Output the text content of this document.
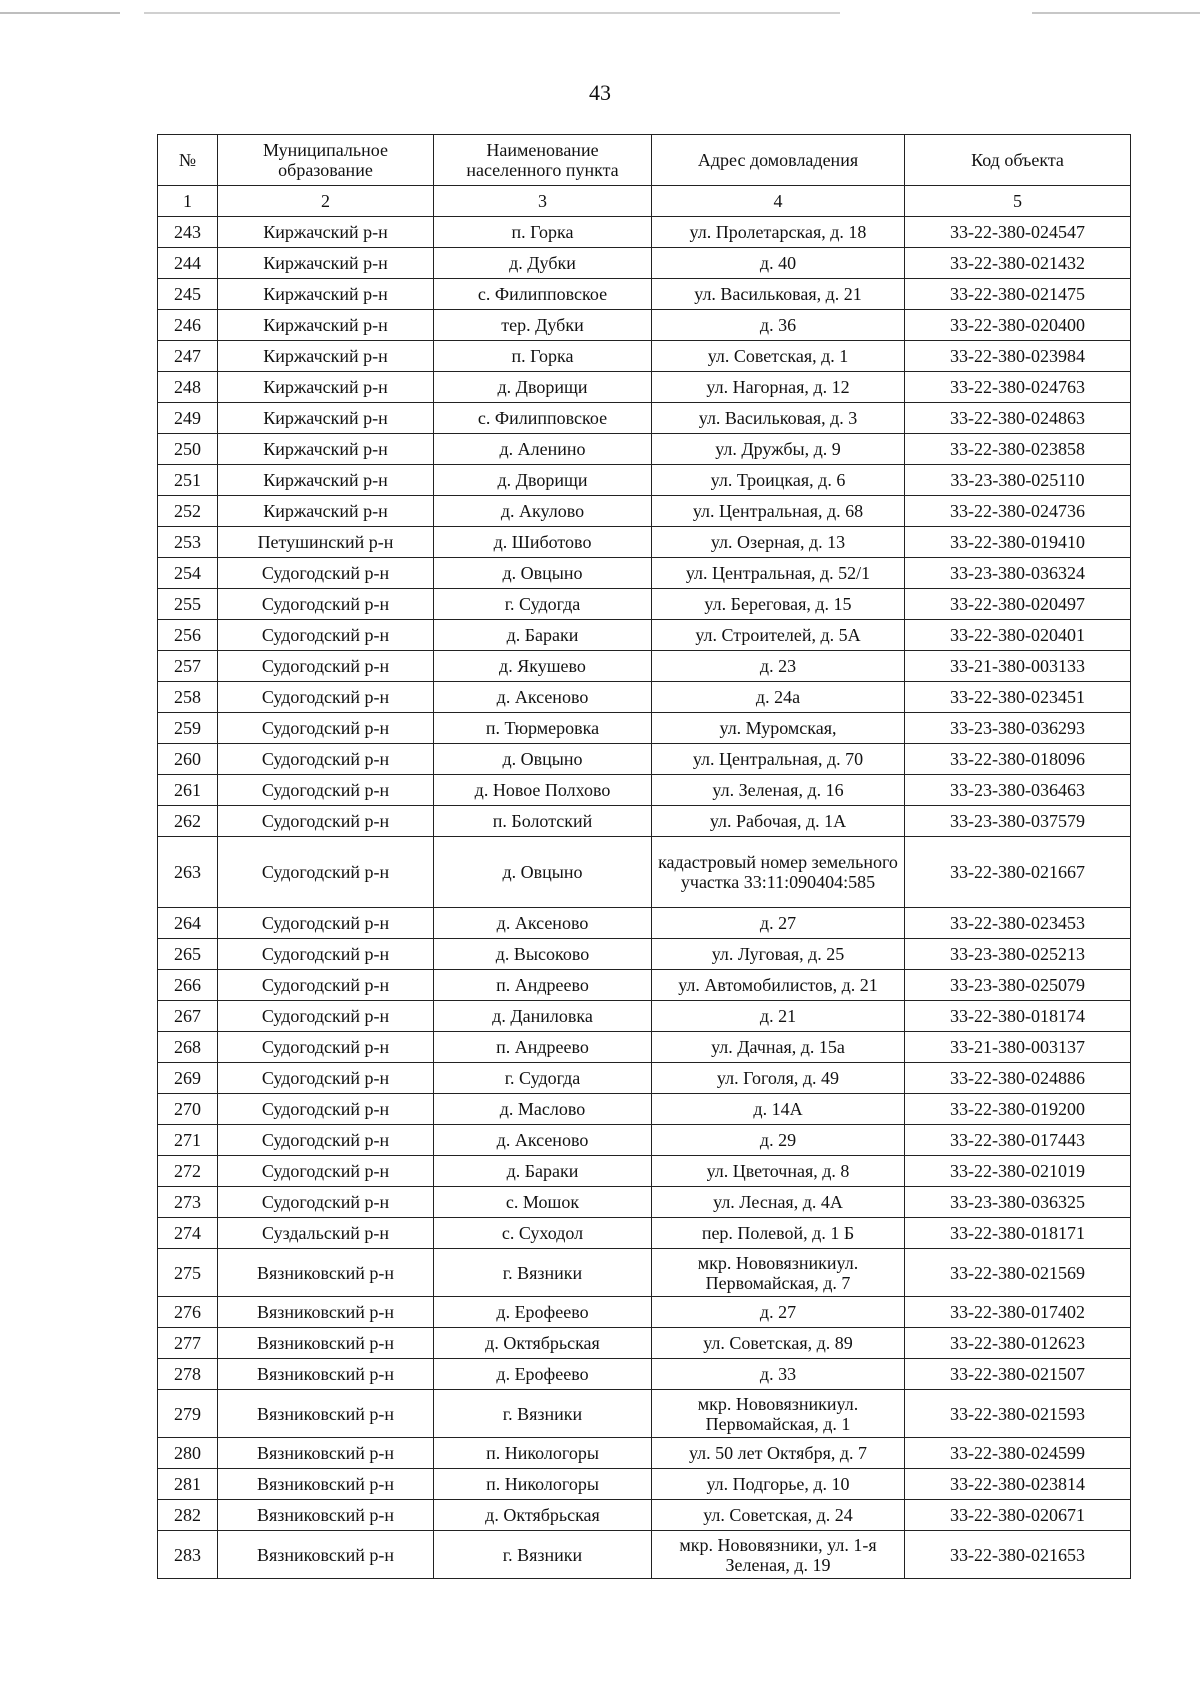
43
№	Муниципальное образование	Наименование населенного пункта	Адрес домовладения	Код объекта
1	2	3	4	5
243	Киржачский р-н	п. Горка	ул. Пролетарская, д. 18	33-22-380-024547
244	Киржачский р-н	д. Дубки	д. 40	33-22-380-021432
245	Киржачский р-н	с. Филипповское	ул. Васильковая, д. 21	33-22-380-021475
246	Киржачский р-н	тер. Дубки	д. 36	33-22-380-020400
247	Киржачский р-н	п. Горка	ул. Советская, д. 1	33-22-380-023984
248	Киржачский р-н	д. Дворищи	ул. Нагорная, д. 12	33-22-380-024763
249	Киржачский р-н	с. Филипповское	ул. Васильковая, д. 3	33-22-380-024863
250	Киржачский р-н	д. Аленино	ул. Дружбы, д. 9	33-22-380-023858
251	Киржачский р-н	д. Дворищи	ул. Троицкая, д. 6	33-23-380-025110
252	Киржачский р-н	д. Акулово	ул. Центральная, д. 68	33-22-380-024736
253	Петушинский р-н	д. Шиботово	ул. Озерная, д. 13	33-22-380-019410
254	Судогодский р-н	д. Овцыно	ул. Центральная, д. 52/1	33-23-380-036324
255	Судогодский р-н	г. Судогда	ул. Береговая, д. 15	33-22-380-020497
256	Судогодский р-н	д. Бараки	ул. Строителей, д. 5А	33-22-380-020401
257	Судогодский р-н	д. Якушево	д. 23	33-21-380-003133
258	Судогодский р-н	д. Аксеново	д. 24а	33-22-380-023451
259	Судогодский р-н	п. Тюрмеровка	ул. Муромская,	33-23-380-036293
260	Судогодский р-н	д. Овцыно	ул. Центральная, д. 70	33-22-380-018096
261	Судогодский р-н	д. Новое Полхово	ул. Зеленая, д. 16	33-23-380-036463
262	Судогодский р-н	п. Болотский	ул. Рабочая, д. 1А	33-23-380-037579
263	Судогодский р-н	д. Овцыно	кадастровый номер земельного участка 33:11:090404:585	33-22-380-021667
264	Судогодский р-н	д. Аксеново	д. 27	33-22-380-023453
265	Судогодский р-н	д. Высоково	ул. Луговая, д. 25	33-23-380-025213
266	Судогодский р-н	п. Андреево	ул. Автомобилистов, д. 21	33-23-380-025079
267	Судогодский р-н	д. Даниловка	д. 21	33-22-380-018174
268	Судогодский р-н	п. Андреево	ул. Дачная, д. 15а	33-21-380-003137
269	Судогодский р-н	г. Судогда	ул. Гоголя, д. 49	33-22-380-024886
270	Судогодский р-н	д. Маслово	д. 14А	33-22-380-019200
271	Судогодский р-н	д. Аксеново	д. 29	33-22-380-017443
272	Судогодский р-н	д. Бараки	ул. Цветочная, д. 8	33-22-380-021019
273	Судогодский р-н	с. Мошок	ул. Лесная, д. 4А	33-23-380-036325
274	Суздальский р-н	с. Суходол	пер. Полевой, д. 1 Б	33-22-380-018171
275	Вязниковский р-н	г. Вязники	мкр. Нововязникиул. Первомайская, д. 7	33-22-380-021569
276	Вязниковский р-н	д. Ерофеево	д. 27	33-22-380-017402
277	Вязниковский р-н	д. Октябрьская	ул. Советская, д. 89	33-22-380-012623
278	Вязниковский р-н	д. Ерофеево	д. 33	33-22-380-021507
279	Вязниковский р-н	г. Вязники	мкр. Нововязникиул. Первомайская, д. 1	33-22-380-021593
280	Вязниковский р-н	п. Никологоры	ул. 50 лет Октября, д. 7	33-22-380-024599
281	Вязниковский р-н	п. Никологоры	ул. Подгорье, д. 10	33-22-380-023814
282	Вязниковский р-н	д. Октябрьская	ул. Советская, д. 24	33-22-380-020671
283	Вязниковский р-н	г. Вязники	мкр. Нововязники, ул. 1-я Зеленая, д. 19	33-22-380-021653
